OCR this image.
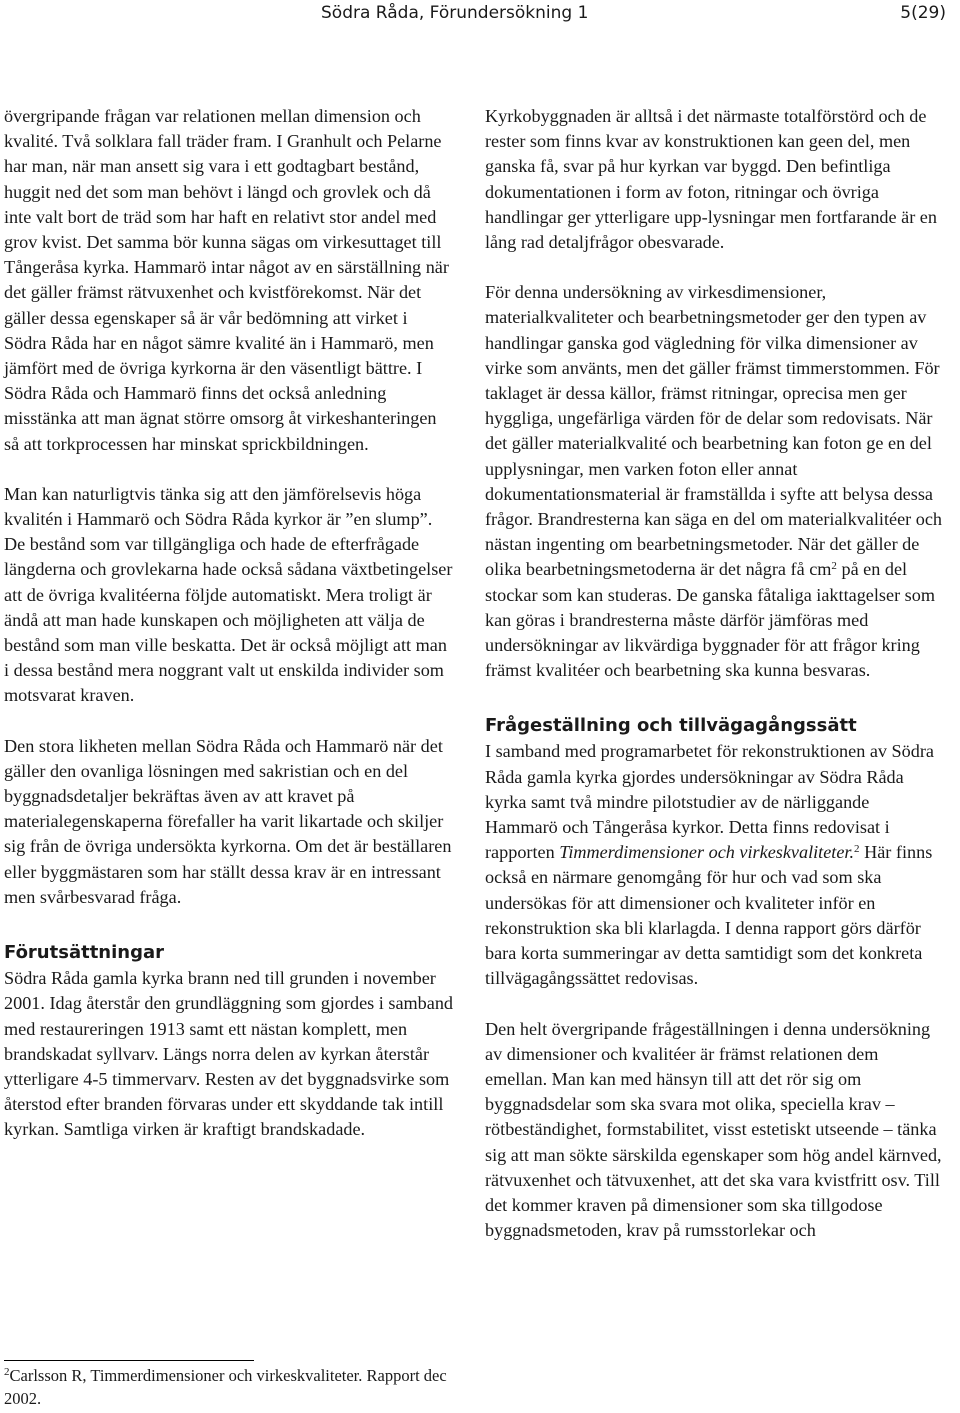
Södra Råda, Förundersökning 1	5(29)

övergripande frågan var relationen mellan dimension och kvalité. Två solklara fall träder fram. I Granhult och Pelarne har man, när man ansett sig vara i ett godtagbart bestånd, huggit ned det som man behövt i längd och grovlek och då inte valt bort de träd som har haft en relativt stor andel med grov kvist. Det samma bör kunna sägas om virkesuttaget till Tångeråsa kyrka. Hammarö intar något av en särställning när det gäller främst rätvuxenhet och kvistförekomst. När det gäller dessa egenskaper så är vår bedömning att virket i Södra Råda har en något sämre kvalité än i Hammarö, men jämfört med de övriga kyrkorna är den väsentligt bättre. I Södra Råda och Hammarö finns det också anledning misstänka att man ägnat större omsorg åt virkeshanteringen så att torkprocessen har minskat sprickbildningen.

Man kan naturligtvis tänka sig att den jämförelsevis höga kvalitén i Hammarö och Södra Råda kyrkor är ”en slump”. De bestånd som var tillgängliga och hade de efterfrågade längderna och grovlekarna hade också sådana växtbetingelser att de övriga kvalitéerna följde automatiskt. Mera troligt är ändå att man hade kunskapen och möjligheten att välja de bestånd som man ville beskatta. Det är också möjligt att man i dessa bestånd mera noggrant valt ut enskilda individer som motsvarat kraven.

Den stora likheten mellan Södra Råda och Hammarö när det gäller den ovanliga lösningen med sakristian och en del byggnadsdetaljer bekräftas även av att kravet på materialegenskaperna förefaller ha varit likartade och skiljer sig från de övriga undersökta kyrkorna. Om det är beställaren eller byggmästaren som har ställt dessa krav är en intressant men svårbesvarad fråga.

Förutsättningar

Södra Råda gamla kyrka brann ned till grunden i november 2001. Idag återstår den grundläggning som gjordes i samband med restaureringen 1913 samt ett nästan komplett, men brandskadat syllvarv. Längs norra delen av kyrkan återstår ytterligare 4-5 timmervarv. Resten av det byggnadsvirke som återstod efter branden förvaras under ett skyddande tak intill kyrkan. Samtliga virken är kraftigt brandskadade.

Kyrkobyggnaden är alltså i det närmaste totalförstörd och de rester som finns kvar av konstruktionen kan geen del, men ganska få, svar på hur kyrkan var byggd. Den befintliga dokumentationen i form av foton, ritningar och övriga handlingar ger ytterligare upp-lysningar men fortfarande är en lång rad detaljfrågor obesvarade.

För denna undersökning av virkesdimensioner, materialkvaliteter och bearbetningsmetoder ger den typen av handlingar ganska god vägledning för vilka dimensioner av virke som använts, men det gäller främst timmerstommen. För taklaget är dessa källor, främst ritningar, oprecisa men ger hyggliga, ungefärliga värden för de delar som redovisats. När det gäller materialkvalité och bearbetning kan foton ge en del upplysningar, men varken foton eller annat dokumentationsmaterial är framställda i syfte att belysa dessa frågor. Brandresterna kan säga en del om materialkvalitéer och nästan ingenting om bearbetningsmetoder. När det gäller de olika bearbetningsmetoderna är det några få $cm^2$ på en del stockar som kan studeras. De ganska fåtaliga iakttagelser som kan göras i brandresterna måste därför jämföras med undersökningar av likvärdiga byggnader för att frågor kring främst kvalitéer och bearbetning ska kunna besvaras.

Frågeställning och tillvägagångssätt

I samband med programarbetet för rekonstruktionen av Södra Råda gamla kyrka gjordes undersökningar av Södra Råda kyrka samt två mindre pilotstudier av de närliggande Hammarö och Tångeråsa kyrkor. Detta finns redovisat i rapporten Timmerdimensioner och virkeskvaliteter.$^2$ Här finns också en närmare genomgång för hur och vad som ska undersökas för att dimensioner och kvaliteter inför en rekonstruktion ska bli klarlagda. I denna rapport görs därför bara korta summeringar av detta samtidigt som det konkreta tillvägagångssättet redovisas.

Den helt övergripande frågeställningen i denna undersökning av dimensioner och kvalitéer är främst relationen dem emellan. Man kan med hänsyn till att det rör sig om byggnadsdelar som ska svara mot olika, speciella krav – rötbeständighet, formstabilitet, visst estetiskt utseende – tänka sig att man sökte särskilda egenskaper som hög andel kärnved, rätvuxenhet och tätvuxenhet, att det ska vara kvistfritt osv. Till det kommer kraven på dimensioner som ska tillgodose byggnadsmetoden, krav på rumsstorlekar och

$^2$Carlsson R, Timmerdimensioner och virkeskvaliteter. Rapport dec 2002.
